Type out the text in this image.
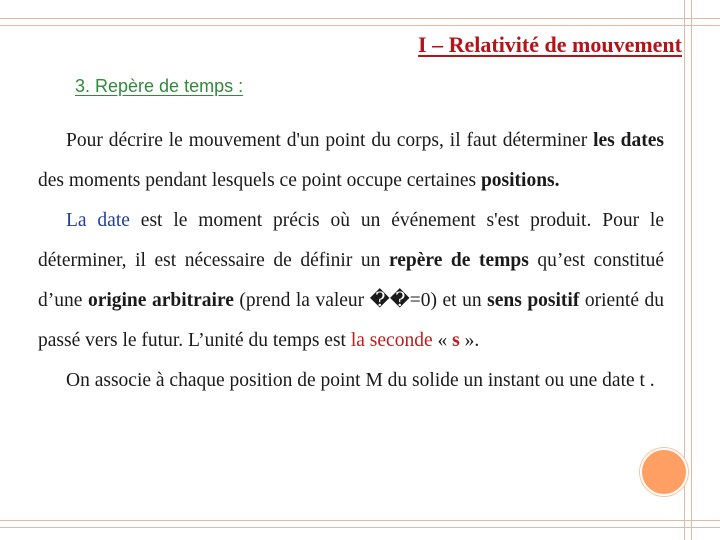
I – Relativité de mouvement
3. Repère de temps :

Pour décrire le mouvement d'un point du corps, il faut déterminer les dates des moments pendant lesquels ce point occupe certaines positions.

La date est le moment précis où un événement s'est produit. Pour le déterminer, il est nécessaire de définir un repère de temps qu’est constitué d’une origine arbitraire (prend la valeur ��=0) et un sens positif orienté du passé vers le futur. L’unité du temps est la seconde « s ».

On associe à chaque position de point M du solide un instant ou une date t .
